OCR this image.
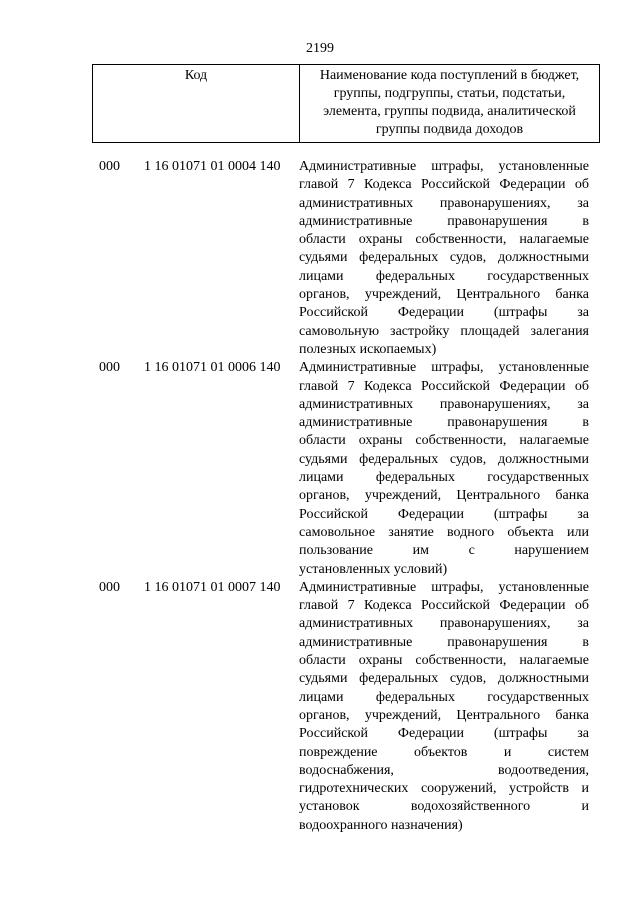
2199
Код	Наименование кода поступлений в бюджет, группы, подгруппы, статьи, подстатьи, элемента, группы подвида, аналитической группы подвида доходов
000 1 16 01071 01 0004 140 Административные штрафы, установленные
главой 7 Кодекса Российской Федерации об
административных правонарушениях, за
административные правонарушения в
области охраны собственности, налагаемые
судьями федеральных судов, должностными
лицами федеральных государственных
органов, учреждений, Центрального банка
Российской Федерации (штрафы за
самовольную застройку площадей залегания
полезных ископаемых)
000 1 16 01071 01 0006 140 Административные штрафы, установленные
главой 7 Кодекса Российской Федерации об
административных правонарушениях, за
административные правонарушения в
области охраны собственности, налагаемые
судьями федеральных судов, должностными
лицами федеральных государственных
органов, учреждений, Центрального банка
Российской Федерации (штрафы за
самовольное занятие водного объекта или
пользование им с нарушением
установленных условий)
000 1 16 01071 01 0007 140 Административные штрафы, установленные
главой 7 Кодекса Российской Федерации об
административных правонарушениях, за
административные правонарушения в
области охраны собственности, налагаемые
судьями федеральных судов, должностными
лицами федеральных государственных
органов, учреждений, Центрального банка
Российской Федерации (штрафы за
повреждение объектов и систем
водоснабжения, водоотведения,
гидротехнических сооружений, устройств и
установок водохозяйственного и
водоохранного назначения)
